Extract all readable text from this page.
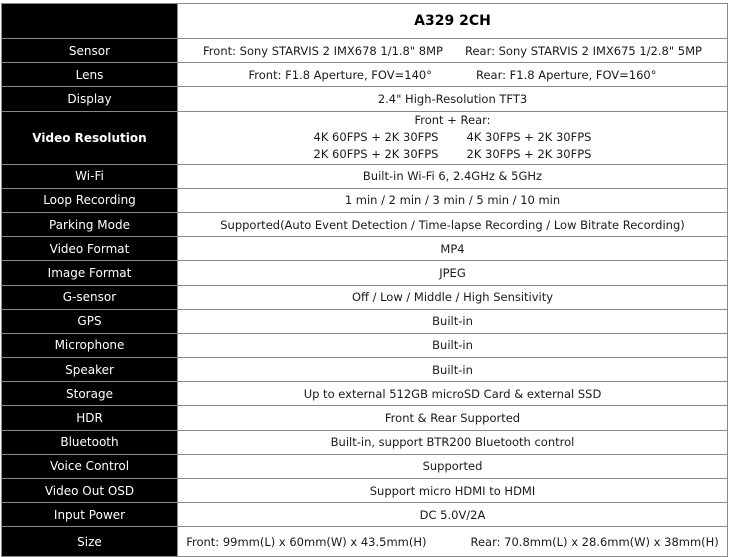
	A329 2CH
Sensor	Front: Sony STARVIS 2 IMX678 1/1.8" 8MP Rear: Sony STARVIS 2 IMX675 1/2.8" 5MP

Lens	Front: F1.8 Aperture, FOV=140° Rear: F1.8 Aperture, FOV=160°

Display	2.4" High-Resolution TFT3
Video Resolution	Front + Rear:
4K 60FPS + 2K 30FPS 4K 30FPS + 2K 30FPS
2K 60FPS + 2K 30FPS 2K 30FPS + 2K 30FPS

Wi-Fi	Built-in Wi-Fi 6, 2.4GHz & 5GHz
Loop Recording	1 min / 2 min / 3 min / 5 min / 10 min
Parking Mode	Supported(Auto Event Detection / Time-lapse Recording / Low Bitrate Recording)
Video Format	MP4
Image Format	JPEG
G-sensor	Off / Low / Middle / High Sensitivity
GPS	Built-in
Microphone	Built-in
Speaker	Built-in
Storage	Up to external 512GB microSD Card & external SSD
HDR	Front & Rear Supported
Bluetooth	Built-in, support BTR200 Bluetooth control
Voice Control	Supported
Video Out OSD	Support micro HDMI to HDMI
Input Power	DC 5.0V/2A
Size	Front: 99mm(L) x 60mm(W) x 43.5mm(H) Rear: 70.8mm(L) x 28.6mm(W) x 38mm(H)
